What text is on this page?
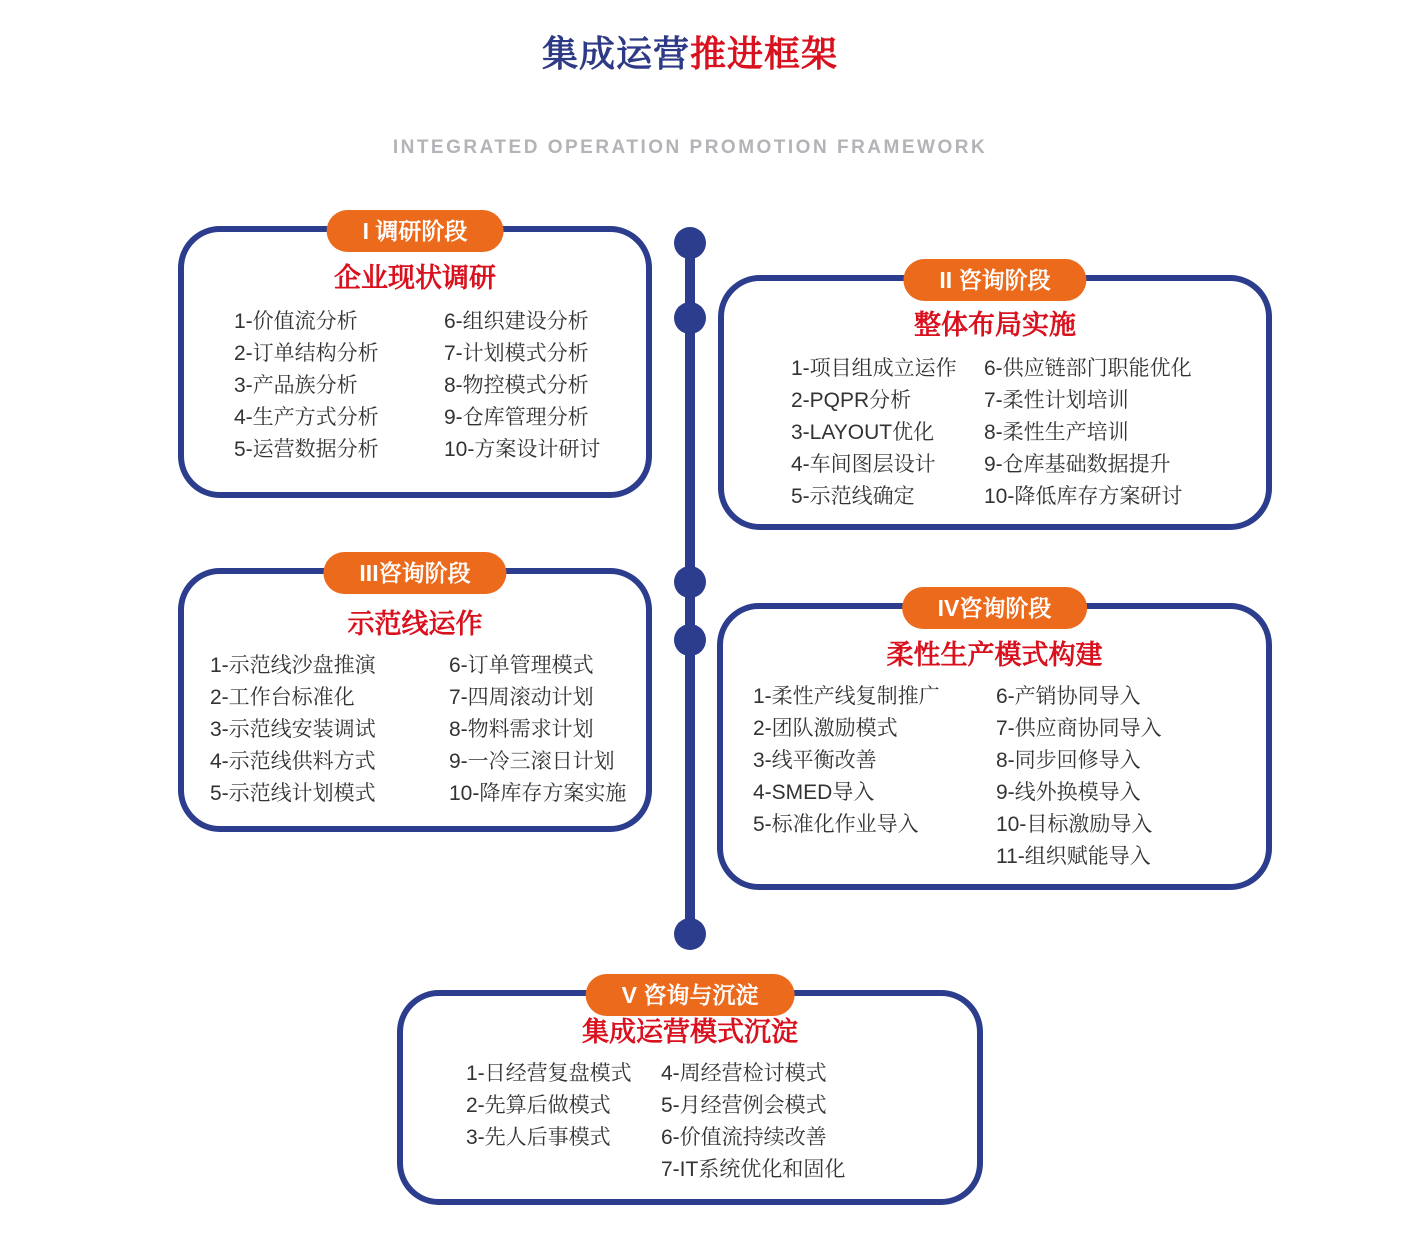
集成运营推进框架
INTEGRATED OPERATION PROMOTION FRAMEWORK
I 调研阶段
企业现状调研
1-价值流分析
2-订单结构分析
3-产品族分析
4-生产方式分析
5-运营数据分析
6-组织建设分析
7-计划模式分析
8-物控模式分析
9-仓库管理分析
10-方案设计研讨
II 咨询阶段
整体布局实施
1-项目组成立运作
2-PQPR分析
3-LAYOUT优化
4-车间图层设计
5-示范线确定
6-供应链部门职能优化
7-柔性计划培训
8-柔性生产培训
9-仓库基础数据提升
10-降低库存方案研讨
III咨询阶段
示范线运作
1-示范线沙盘推演
2-工作台标准化
3-示范线安装调试
4-示范线供料方式
5-示范线计划模式
6-订单管理模式
7-四周滚动计划
8-物料需求计划
9-一冷三滚日计划
10-降库存方案实施
IV咨询阶段
柔性生产模式构建
1-柔性产线复制推广
2-团队激励模式
3-线平衡改善
4-SMED导入
5-标准化作业导入
6-产销协同导入
7-供应商协同导入
8-同步回修导入
9-线外换模导入
10-目标激励导入
11-组织赋能导入
V 咨询与沉淀
集成运营模式沉淀
1-日经营复盘模式
2-先算后做模式
3-先人后事模式
4-周经营检讨模式
5-月经营例会模式
6-价值流持续改善
7-IT系统优化和固化
